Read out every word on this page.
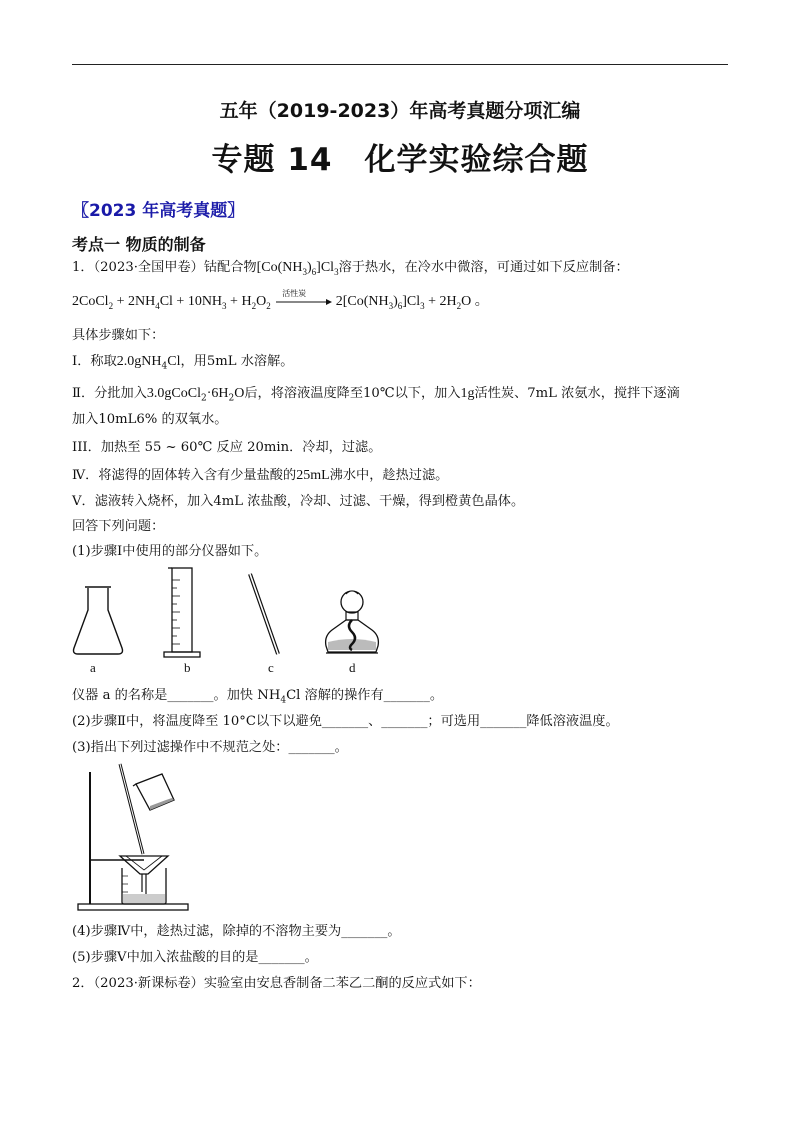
五年（2019-2023）年高考真题分项汇编
专题 14　化学实验综合题
〖2023 年高考真题〗
考点一 物质的制备
1．（2023·全国甲卷）钴配合物$[Co(NH_3)_6]Cl_3$溶于热水，在冷水中微溶，可通过如下反应制备：
2CoCl$_2$ + $2NH_4Cl + 10NH_3 + H_2O_2$
活性炭
$2[Co(NH_3)_6]Cl_3 + 2H_2O$ 。
具体步骤如下：
Ⅰ．称取2.0gNH$_4$Cl，用5mL 水溶解。
Ⅱ．分批加入$3.0gCoCl_2\cdot 6H_2O$后，将溶液温度降至10℃以下，加入1g活性炭、7mL 浓氨水，搅拌下逐滴
加入10mL6% 的双氧水。
III．加热至 55 ~ 60℃ 反应 20min．冷却，过滤。
Ⅳ．将滤得的固体转入含有少量盐酸的25mL沸水中，趁热过滤。
Ⅴ．滤液转入烧杯，加入4mL 浓盐酸，冷却、过滤、干燥，得到橙黄色晶体。
回答下列问题：
(1)步骤Ⅰ中使用的部分仪器如下。
a	b	c	d
仪器 a 的名称是_______。加快 $NH_4Cl$ 溶解的操作有_______。
(2)步骤Ⅱ中，将温度降至 10°C以下以避免_______、_______；可选用_______降低溶液温度。
(3)指出下列过滤操作中不规范之处：_______。
(4)步骤Ⅳ中，趁热过滤，除掉的不溶物主要为_______。
(5)步骤Ⅴ中加入浓盐酸的目的是_______。
2．（2023·新课标卷）实验室由安息香制备二苯乙二酮的反应式如下：
